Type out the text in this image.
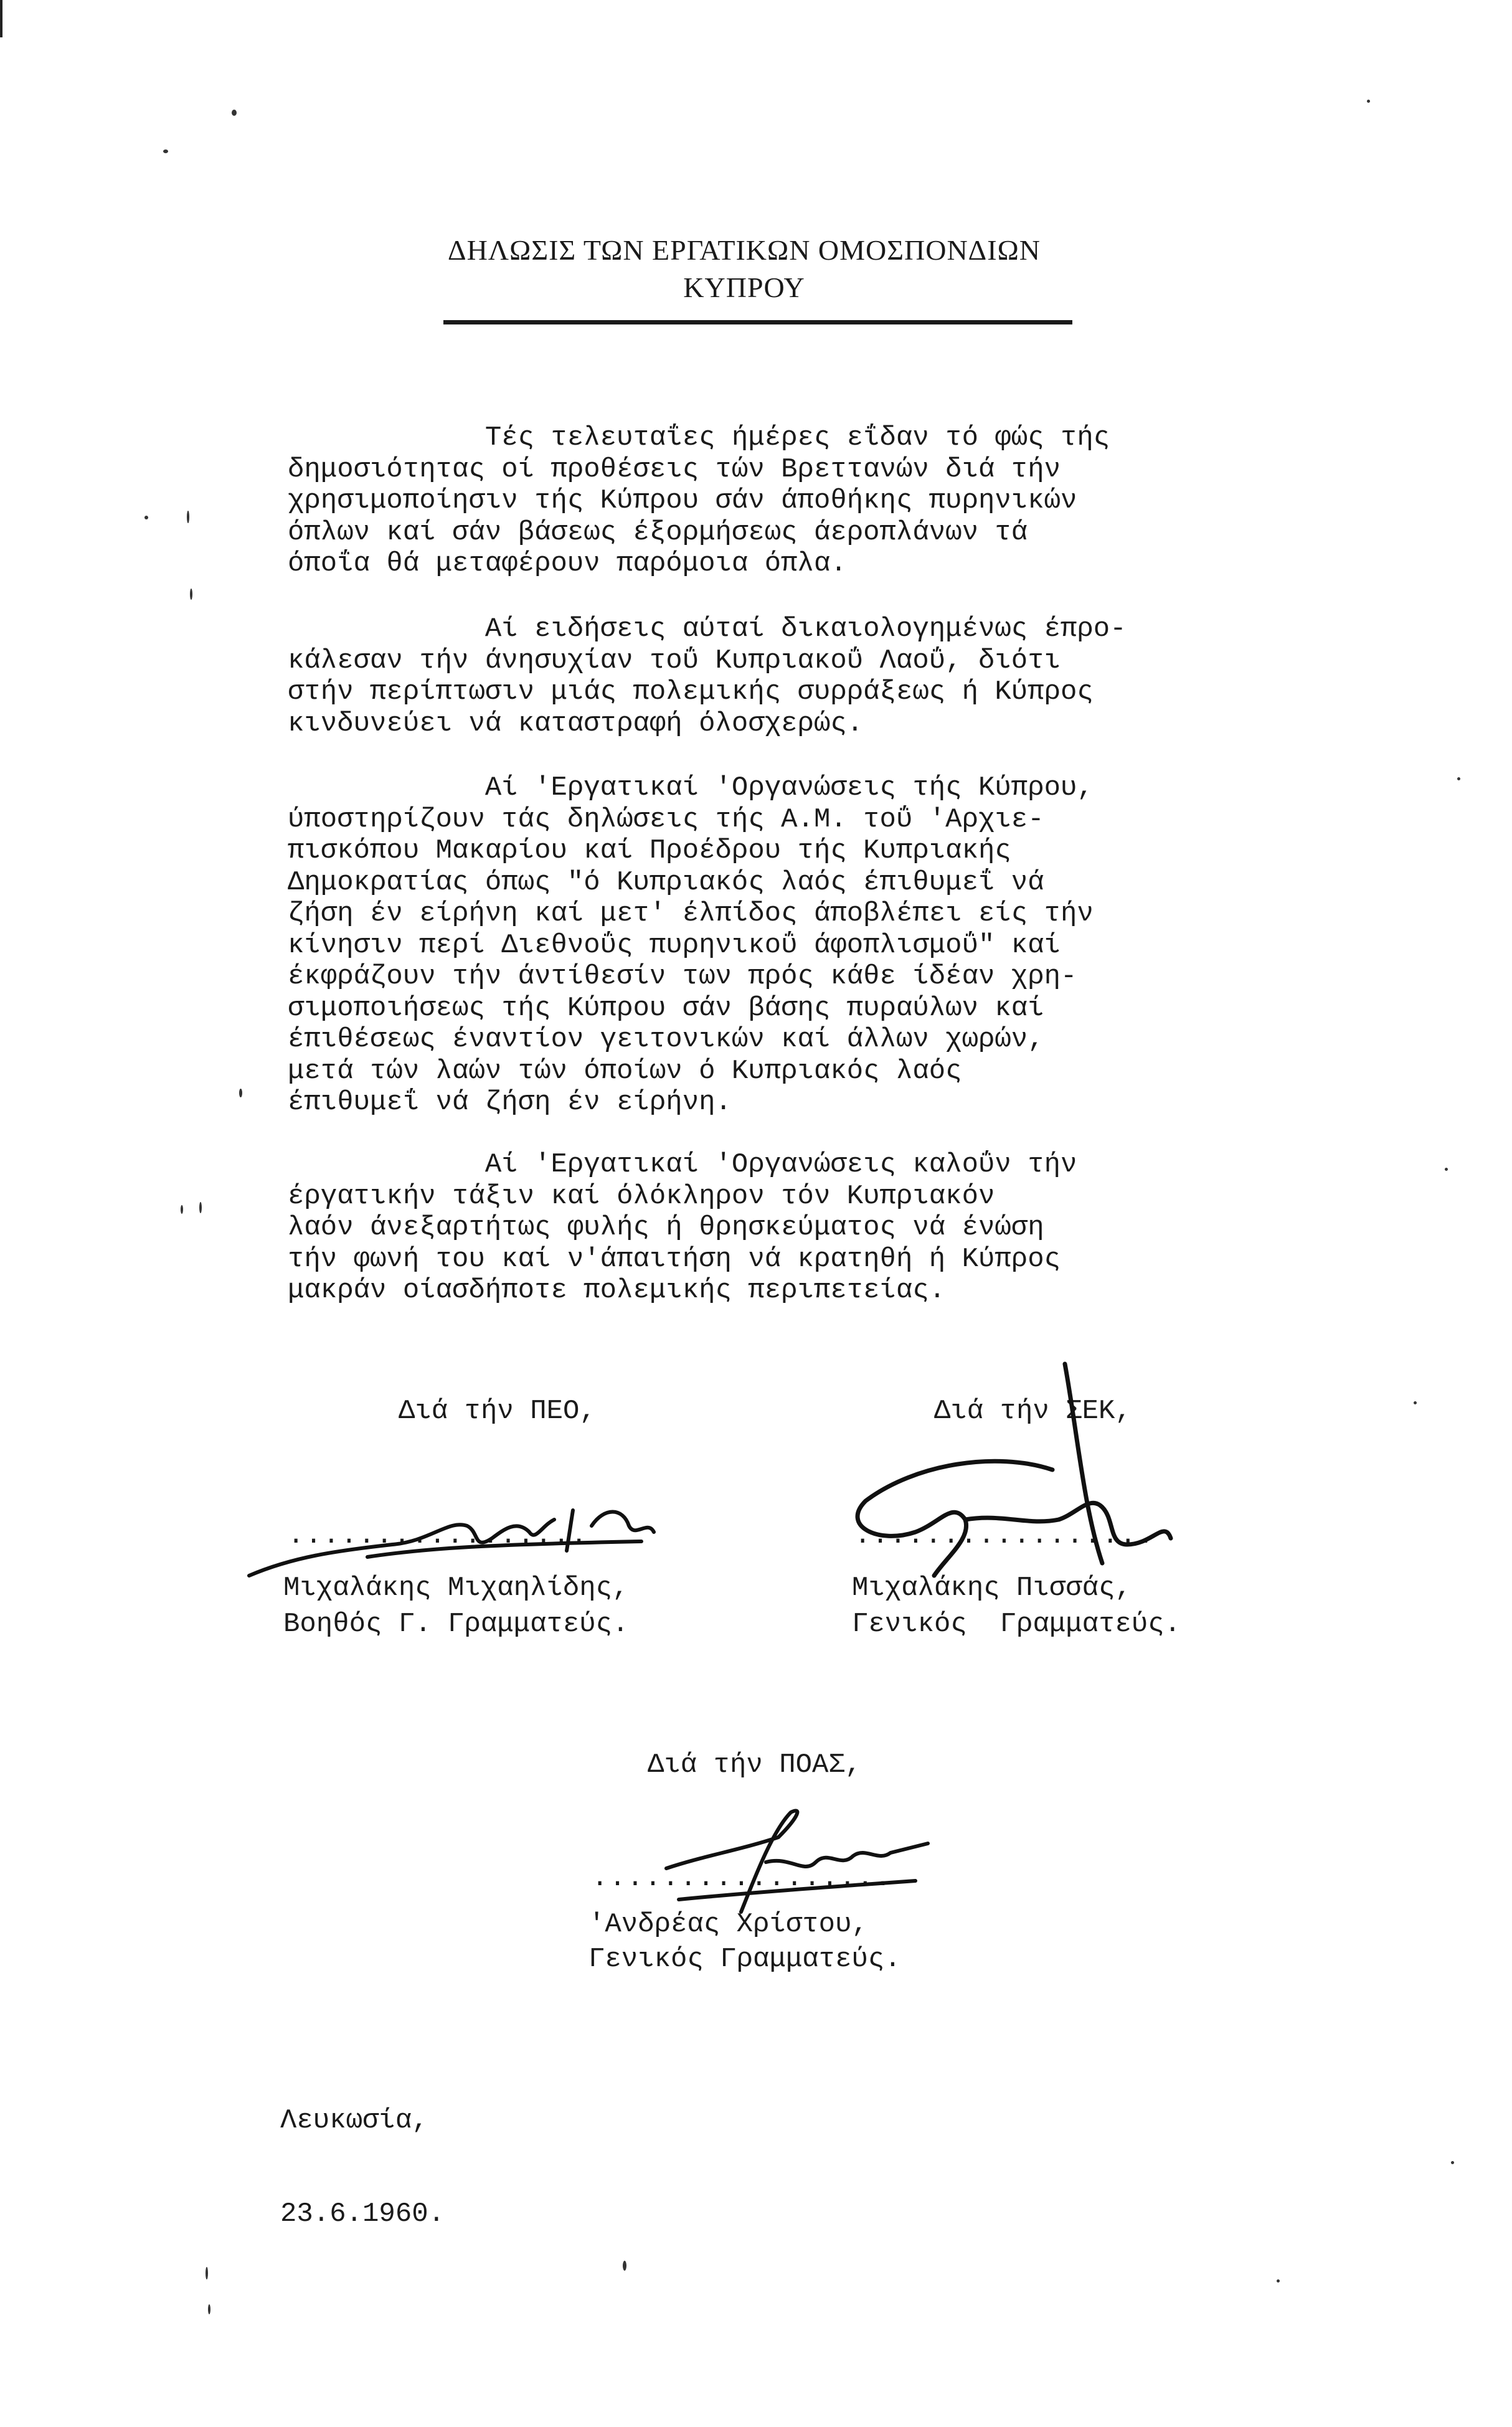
ΔΗΛΩΣΙΣ ΤΩΝ ΕΡΓΑΤΙΚΩΝ ΟΜΟΣΠΟΝΔΙΩΝ
ΚΥΠΡΟΥ
Τές τελευταΐες ήμέρες εΐδαν τό φώς τής
δημοσιότητας οί προθέσεις τών Βρεττανών διά τήν
χρησιμοποίησιν τής Κύπρου σάν άποθήκης πυρηνικών
όπλων καί σάν βάσεως έξορμήσεως άεροπλάνων τά
όποΐα θά μεταφέρουν παρόμοια όπλα.
Αί ειδήσεις αύταί δικαιολογημένως έπρο-
κάλεσαν τήν άνησυχίαν τοΰ Κυπριακοΰ Λαοΰ, διότι
στήν περίπτωσιν μιάς πολεμικής συρράξεως ή Κύπρος
κινδυνεύει νά καταστραφή όλοσχερώς.
Αί 'Εργατικαί 'Οργανώσεις τής Κύπρου,
ύποστηρίζουν τάς δηλώσεις τής Α.Μ. τοΰ 'Αρχιε-
πισκόπου Μακαρίου καί Προέδρου τής Κυπριακής
Δημοκρατίας όπως "ό Κυπριακός λαός έπιθυμεΐ νά
ζήση έν είρήνη καί μετ' έλπίδος άποβλέπει είς τήν
κίνησιν περί Διεθνοΰς πυρηνικοΰ άφοπλισμοΰ" καί
έκφράζουν τήν άντίθεσίν των πρός κάθε ίδέαν χρη-
σιμοποιήσεως τής Κύπρου σάν βάσης πυραύλων καί
έπιθέσεως έναντίον γειτονικών καί άλλων χωρών,
μετά τών λαών τών όποίων ό Κυπριακός λαός
έπιθυμεΐ νά ζήση έν είρήνη.
Αί 'Εργατικαί 'Οργανώσεις καλοΰν τήν
έργατικήν τάξιν καί όλόκληρον τόν Κυπριακόν
λαόν άνεξαρτήτως φυλής ή θρησκεύματος νά ένώση
τήν φωνή του καί ν'άπαιτήση νά κρατηθή ή Κύπρος
μακράν οίασδήποτε πολεμικής περιπετείας.
Διά τήν ΠΕΟ,
.................
Μιχαλάκης Μιχαηλίδης,
Βοηθός Γ. Γραμματεύς.
Διά τήν ΣΕΚ,
.................
Μιχαλάκης Πισσάς,
Γενικός  Γραμματεύς.
Διά τήν ΠΟΑΣ,
.................
'Ανδρέας Χρίστου,
Γενικός Γραμματεύς.

Λευκωσία,

23.6.1960.
